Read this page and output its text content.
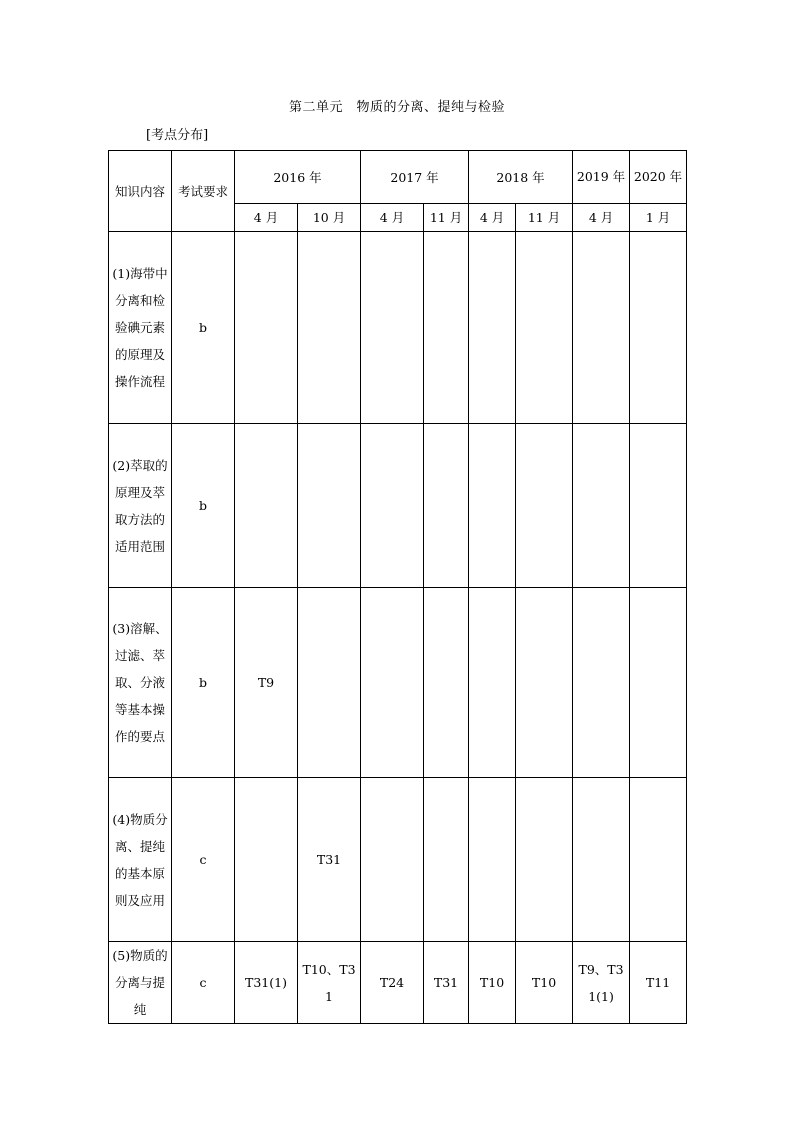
第二单元　物质的分离、提纯与检验
[考点分布]
知识内容	考试要求	2016 年		2017 年		2018 年		2019 年	2020 年
		4 月	10 月	4 月	11 月	4 月	11 月	4 月	1 月
(1)海带中分离和检验碘元素的原理及操作流程	b								
(2)萃取的原理及萃取方法的适用范围	b								
(3)溶解、过滤、萃取、分液等基本操作的要点	b	T9							
(4)物质分离、提纯的基本原则及应用	c		T31						
(5)物质的分离与提纯	c	T31(1)	T10、T31	T24	T31	T10	T10	T9、T31(1)	T11
